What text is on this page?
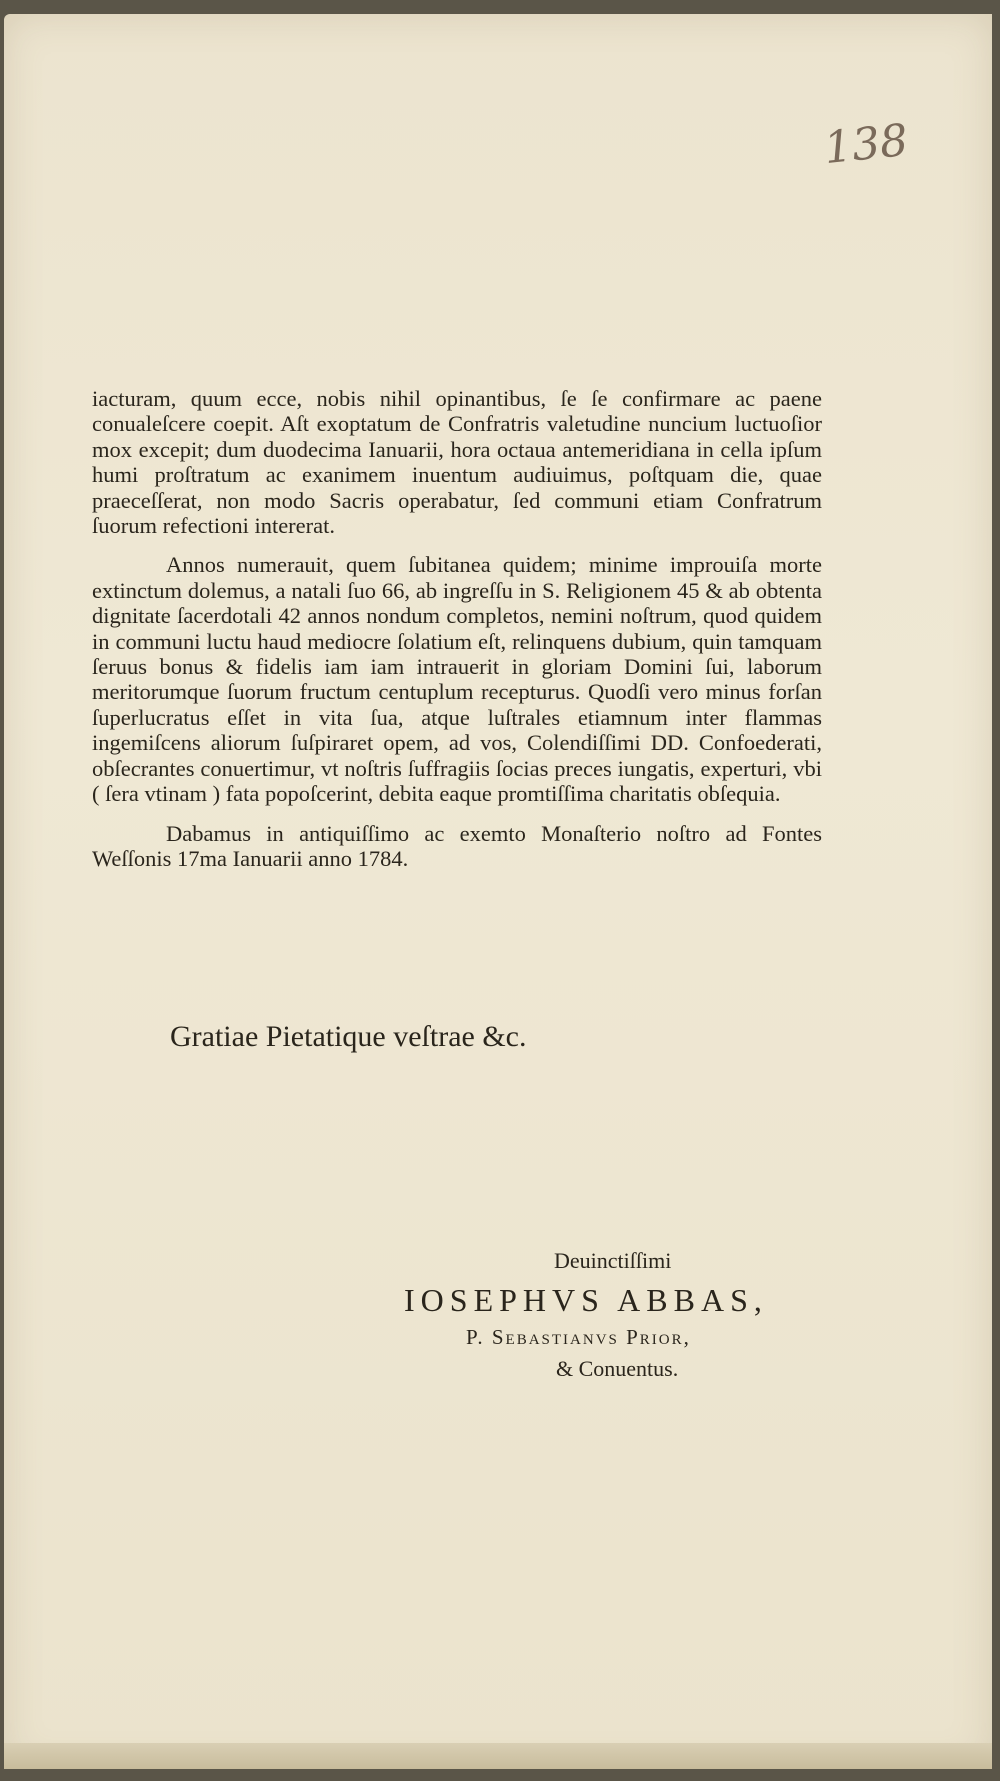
138

iacturam, quum ecce, nobis nihil opinantibus, ſe ſe confirmare ac paene conualeſcere coepit. Aſt exoptatum de Confratris valetudine nuncium luctuoſior mox excepit; dum duodecima Ianuarii, hora octaua antemeridiana in cella ipſum humi proſtratum ac exanimem inuentum audiuimus, poſtquam die, quae praeceſſerat, non modo Sacris operabatur, ſed communi etiam Confratrum ſuorum refectioni intererat.

Annos numerauit, quem ſubitanea quidem; minime improuiſa morte extinctum dolemus, a natali ſuo 66, ab ingreſſu in S. Religionem 45 & ab obtenta dignitate ſacerdotali 42 annos nondum completos, nemini noſtrum, quod quidem in communi luctu haud mediocre ſolatium eſt, relinquens dubium, quin tamquam ſeruus bonus & fidelis iam iam intrauerit in gloriam Domini ſui, laborum meritorumque ſuorum fructum centuplum recepturus. Quodſi vero minus forſan ſuperlucratus eſſet in vita ſua, atque luſtrales etiamnum inter flammas ingemiſcens aliorum ſuſpiraret opem, ad vos, Colendiſſimi DD. Confoederati, obſecrantes conuertimur, vt noſtris ſuffragiis ſocias preces iungatis, experturi, vbi ( ſera vtinam ) fata popoſcerint, debita eaque promtiſſima charitatis obſequia.

Dabamus in antiquiſſimo ac exemto Monaſterio noſtro ad Fontes Weſſonis 17ma Ianuarii anno 1784.

Gratiae Pietatique veſtrae &c.
Deuinctiſſimi
IOSEPHVS ABBAS,
P. Sebastianvs Prior,
& Conuentus.
